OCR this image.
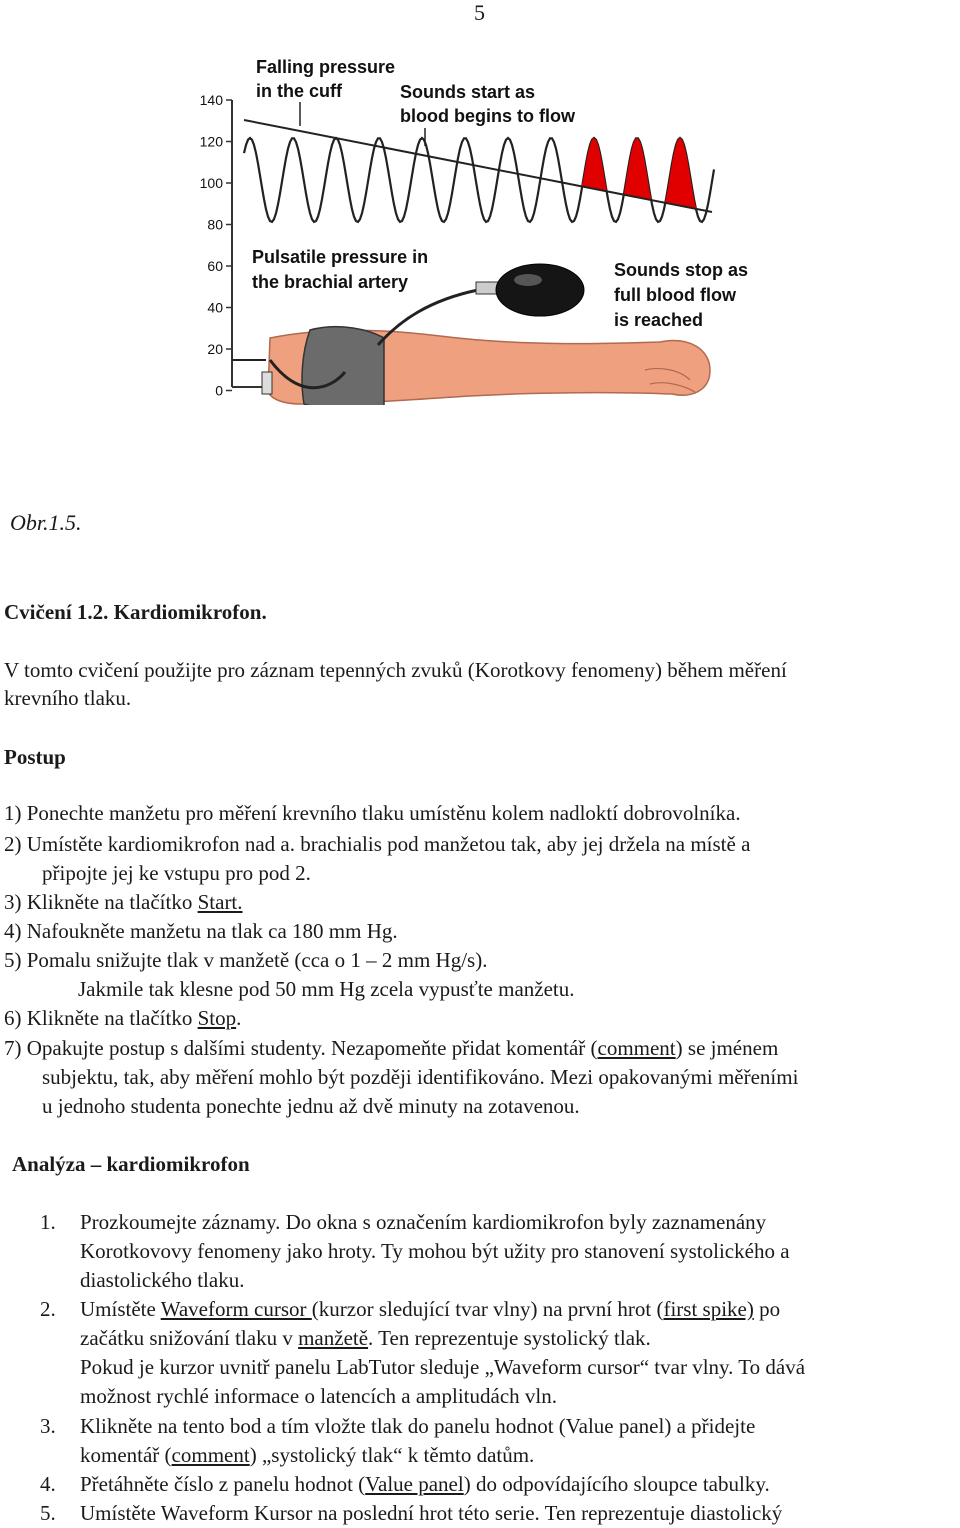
5
140
120
100
80
60
40
20
0
Falling pressure
in the cuff	Sounds start as
blood begins to flow
Pulsatile pressure in
the brachial artery
Sounds stop as
full blood flow
is reached
Obr.1.5.
Cvičení 1.2. Kardiomikrofon.
V tomto cvičení použijte pro záznam tepenných zvuků (Korotkovy fenomeny) během měření
krevního tlaku.
Postup
1) Ponechte manžetu pro měření krevního tlaku umístěnu kolem nadloktí dobrovolníka.
2) Umístěte kardiomikrofon nad a. brachialis pod manžetou tak, aby jej držela na místě a
připojte jej ke vstupu pro pod 2.
3) Klikněte na tlačítko Start.
4) Nafoukněte manžetu na tlak ca 180 mm Hg.
5) Pomalu snižujte tlak v manžetě (cca o 1 – 2 mm Hg/s).
Jakmile tak klesne pod 50 mm Hg zcela vypusťte manžetu.
6) Klikněte na tlačítko Stop.
7) Opakujte postup s dalšími studenty. Nezapomeňte přidat komentář (comment) se jménem
subjektu, tak, aby měření mohlo být později identifikováno. Mezi opakovanými měřeními
u jednoho studenta ponechte jednu až dvě minuty na zotavenou.
Analýza – kardiomikrofon
1. Prozkoumejte záznamy. Do okna s označením kardiomikrofon byly zaznamenány
Korotkovovy fenomeny jako hroty. Ty mohou být užity pro stanovení systolického a
diastolického tlaku.
2. Umístěte Waveform cursor (kurzor sledující tvar vlny) na první hrot (first spike) po
začátku snižování tlaku v manžetě. Ten reprezentuje systolický tlak.
Pokud je kurzor uvnitř panelu LabTutor sleduje „Waveform cursor“ tvar vlny. To dává
možnost rychlé informace o latencích a amplitudách vln.
3. Klikněte na tento bod a tím vložte tlak do panelu hodnot (Value panel) a přidejte
komentář (comment) „systolický tlak“ k těmto datům.
4. Přetáhněte číslo z panelu hodnot (Value panel) do odpovídajícího sloupce tabulky.
5. Umístěte Waveform Kursor na poslední hrot této serie. Ten reprezentuje diastolický
